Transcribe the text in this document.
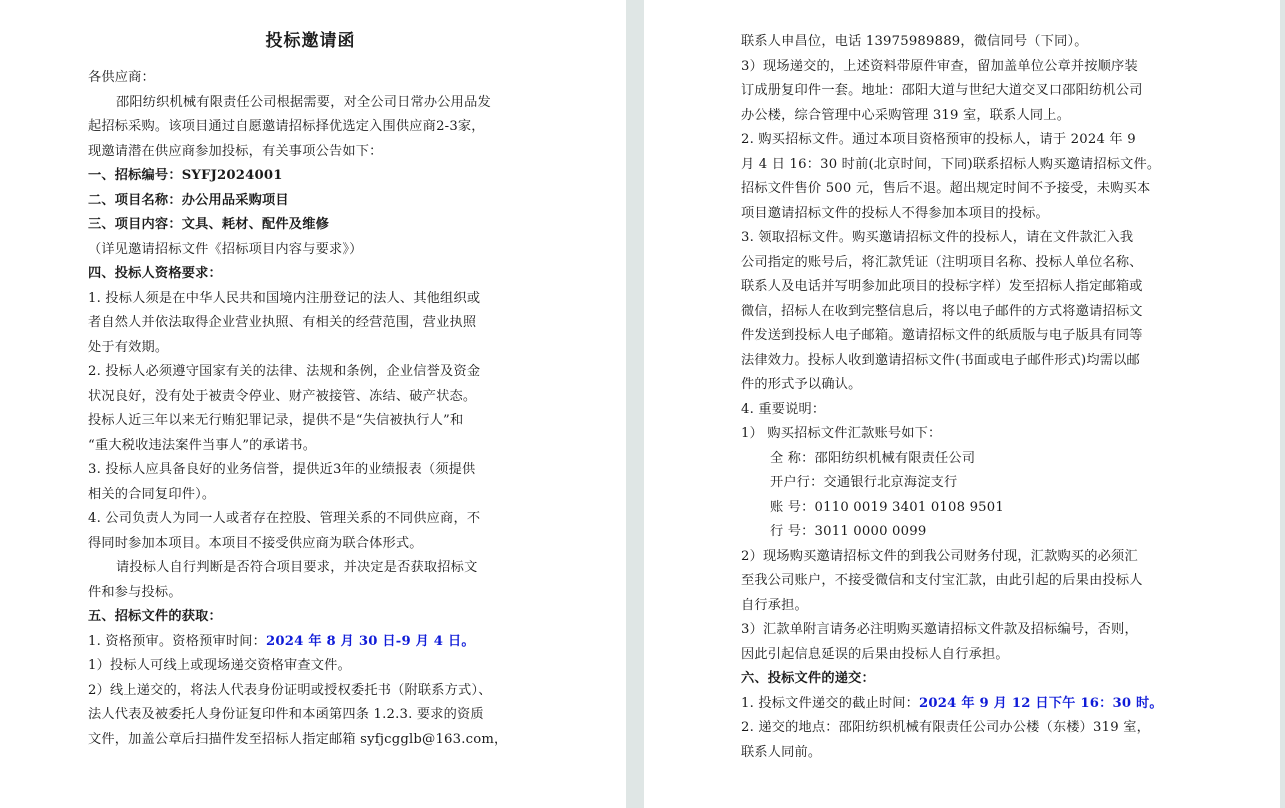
投标邀请函
各供应商：
邵阳纺织机械有限责任公司根据需要，对全公司日常办公用品发
起招标采购。该项目通过自愿邀请招标择优选定入围供应商2-3家，
现邀请潜在供应商参加投标，有关事项公告如下：
一、招标编号：SYFJ2024001
二、项目名称：办公用品采购项目
三、项目内容：文具、耗材、配件及维修
（详见邀请招标文件《招标项目内容与要求》）
四、投标人资格要求：
1. 投标人须是在中华人民共和国境内注册登记的法人、其他组织或
者自然人并依法取得企业营业执照、有相关的经营范围，营业执照
处于有效期。
2. 投标人必须遵守国家有关的法律、法规和条例，企业信誉及资金
状况良好，没有处于被责令停业、财产被接管、冻结、破产状态。
投标人近三年以来无行贿犯罪记录，提供不是“失信被执行人”和
“重大税收违法案件当事人”的承诺书。
3. 投标人应具备良好的业务信誉，提供近3年的业绩报表（须提供
相关的合同复印件）。
4. 公司负责人为同一人或者存在控股、管理关系的不同供应商，不
得同时参加本项目。本项目不接受供应商为联合体形式。
请投标人自行判断是否符合项目要求，并决定是否获取招标文
件和参与投标。
五、招标文件的获取：
1. 资格预审。资格预审时间：2024 年 8 月 30 日-9 月 4 日。
1）投标人可线上或现场递交资格审查文件。
2）线上递交的，将法人代表身份证明或授权委托书（附联系方式）、
法人代表及被委托人身份证复印件和本函第四条 1.2.3. 要求的资质
文件，加盖公章后扫描件发至招标人指定邮箱 syfjcgglb@163.com，
联系人申昌位，电话 13975989889，微信同号（下同）。
3）现场递交的，上述资料带原件审查，留加盖单位公章并按顺序装
订成册复印件一套。地址：邵阳大道与世纪大道交叉口邵阳纺机公司
办公楼，综合管理中心采购管理 319 室，联系人同上。
2. 购买招标文件。通过本项目资格预审的投标人，请于 2024 年 9
月 4 日 16：30 时前(北京时间，下同)联系招标人购买邀请招标文件。
招标文件售价 500 元，售后不退。超出规定时间不予接受，未购买本
项目邀请招标文件的投标人不得参加本项目的投标。
3. 领取招标文件。购买邀请招标文件的投标人，请在文件款汇入我
公司指定的账号后，将汇款凭证（注明项目名称、投标人单位名称、
联系人及电话并写明参加此项目的投标字样）发至招标人指定邮箱或
微信，招标人在收到完整信息后，将以电子邮件的方式将邀请招标文
件发送到投标人电子邮箱。邀请招标文件的纸质版与电子版具有同等
法律效力。投标人收到邀请招标文件(书面或电子邮件形式)均需以邮
件的形式予以确认。
4. 重要说明：
1） 购买招标文件汇款账号如下：
全 称：邵阳纺织机械有限责任公司
开户行：交通银行北京海淀支行
账 号：0110 0019 3401 0108 9501
行 号：3011 0000 0099
2）现场购买邀请招标文件的到我公司财务付现，汇款购买的必须汇
至我公司账户，不接受微信和支付宝汇款，由此引起的后果由投标人
自行承担。
3）汇款单附言请务必注明购买邀请招标文件款及招标编号，否则，
因此引起信息延误的后果由投标人自行承担。
六、投标文件的递交：
1. 投标文件递交的截止时间：2024 年 9 月 12 日下午 16：30 时。
2. 递交的地点：邵阳纺织机械有限责任公司办公楼（东楼）319 室，
联系人同前。
